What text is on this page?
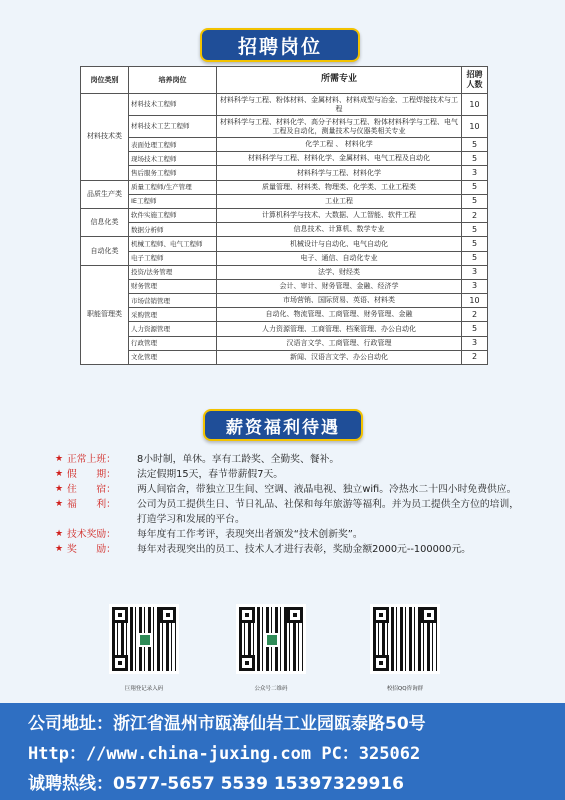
招聘岗位
岗位类别	培养岗位	所需专业	招聘人数
材料技术类	材料技术工程师	材料科学与工程、粉体材料、金属材料、材料成型与冶金、工程焊接技术与工程	10
	材料技术工艺工程师	材料科学与工程、材料化学、高分子材料与工程、粉体材料科学与工程、电气工程及自动化，测量技术与仪器类相关专业	10
	表面处理工程师	化学工程 、 材料化学	5
	现场技术工程师	材料科学与工程、材料化学、金属材料、电气工程及自动化	5
	售后服务工程师	材料科学与工程、材料化学	3
品质生产类	质量工程师/生产管理	质量管理、材料类、物理类、化学类、工业工程类	5
	IE工程师	工业工程	5
信息化类	软件实施工程师	计算机科学与技术、大数据、人工智能、软件工程	2
	数据分析师	信息技术、计算机、数学专业	5
自动化类	机械工程师、电气工程师	机械设计与自动化、电气自动化	5
	电子工程师	电子、通信、自动化专业	5
职能管理类	投资/法务管理	法学、财经类	3
	财务管理	会计、审计、财务管理、金融、经济学	3
	市场营销管理	市场营销、国际贸易、英语、材料类	10
	采购管理	自动化、物流管理、工商管理、财务管理、金融	2
	人力资源管理	人力资源管理、工商管理、档案管理、办公自动化	5
	行政管理	汉语言文学、工商管理、行政管理	3
	文化管理	新闻、汉语言文学、办公自动化	2
薪资福利待遇
★ 正常上班：	8小时制，单休。享有工龄奖、全勤奖、餐补。
★ 假　　期：	法定假期15天，春节带薪假7天。
★ 住　　宿：	两人间宿舍，带独立卫生间、空调、液晶电视、独立wifi。冷热水二十四小时免费供应。
★ 福　　利：	公司为员工提供生日、节日礼品、社保和每年旅游等福利。并为员工提供全方位的培训，打造学习和发展的平台。
★ 技术奖励：	每年度有工作考评，表现突出者颁发“技术创新奖”。
★ 奖　　励：	每年对表现突出的员工、技术人才进行表彰，奖励金额2000元--100000元。
巨翔登记录入码	公众号二维码	校招QQ咨询群
公司地址：浙江省温州市瓯海仙岩工业园瓯泰路50号
Http：//www.china-juxing.com PC：325062
诚聘热线：0577-5657 5539 15397329916
